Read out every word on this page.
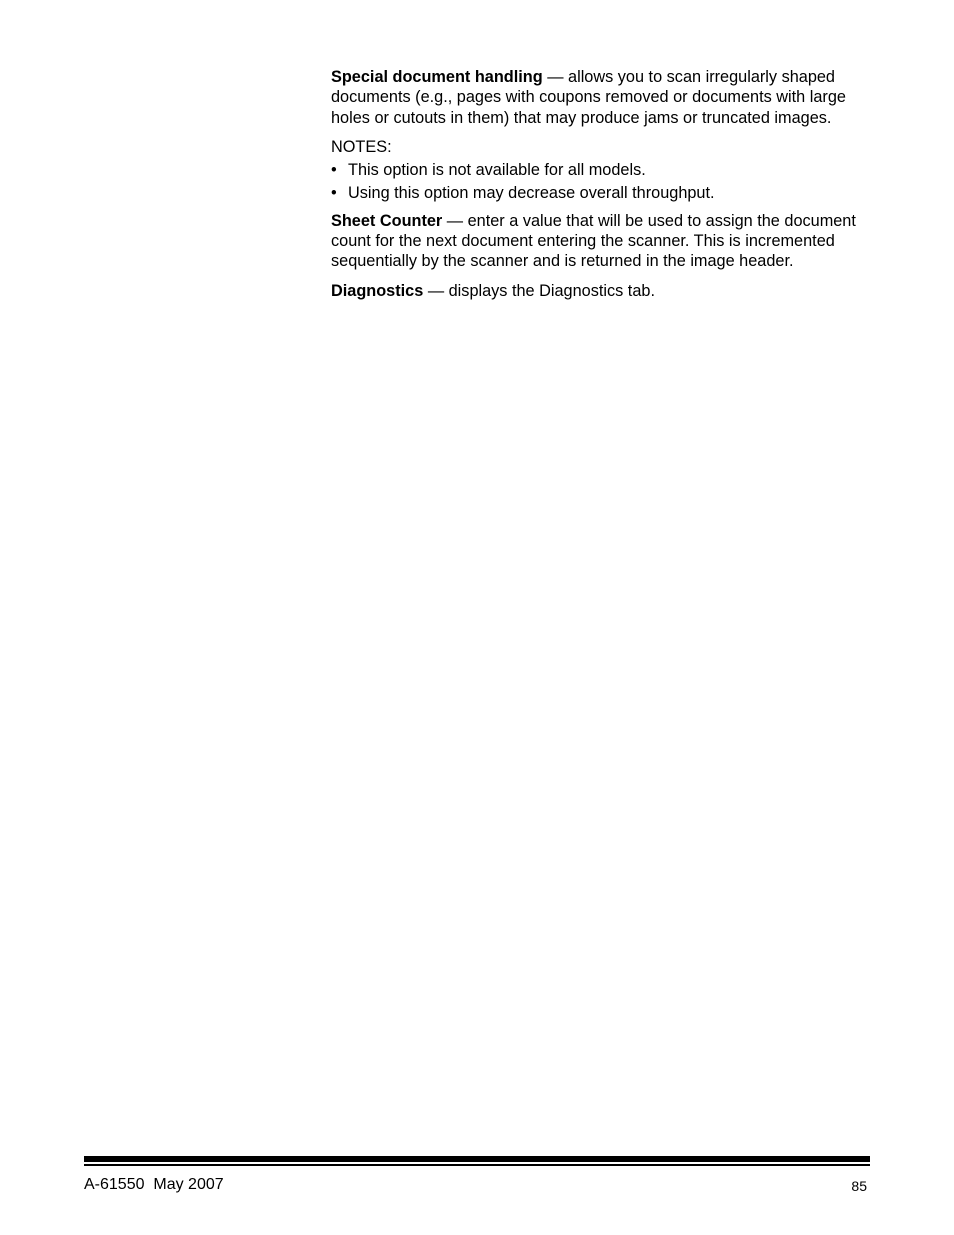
Special document handling — allows you to scan irregularly shaped documents (e.g., pages with coupons removed or documents with large holes or cutouts in them) that may produce jams or truncated images.

NOTES:

• This option is not available for all models.
• Using this option may decrease overall throughput.

Sheet Counter — enter a value that will be used to assign the document count for the next document entering the scanner. This is incremented sequentially by the scanner and is returned in the image header.

Diagnostics — displays the Diagnostics tab.

A-61550  May 2007	85
